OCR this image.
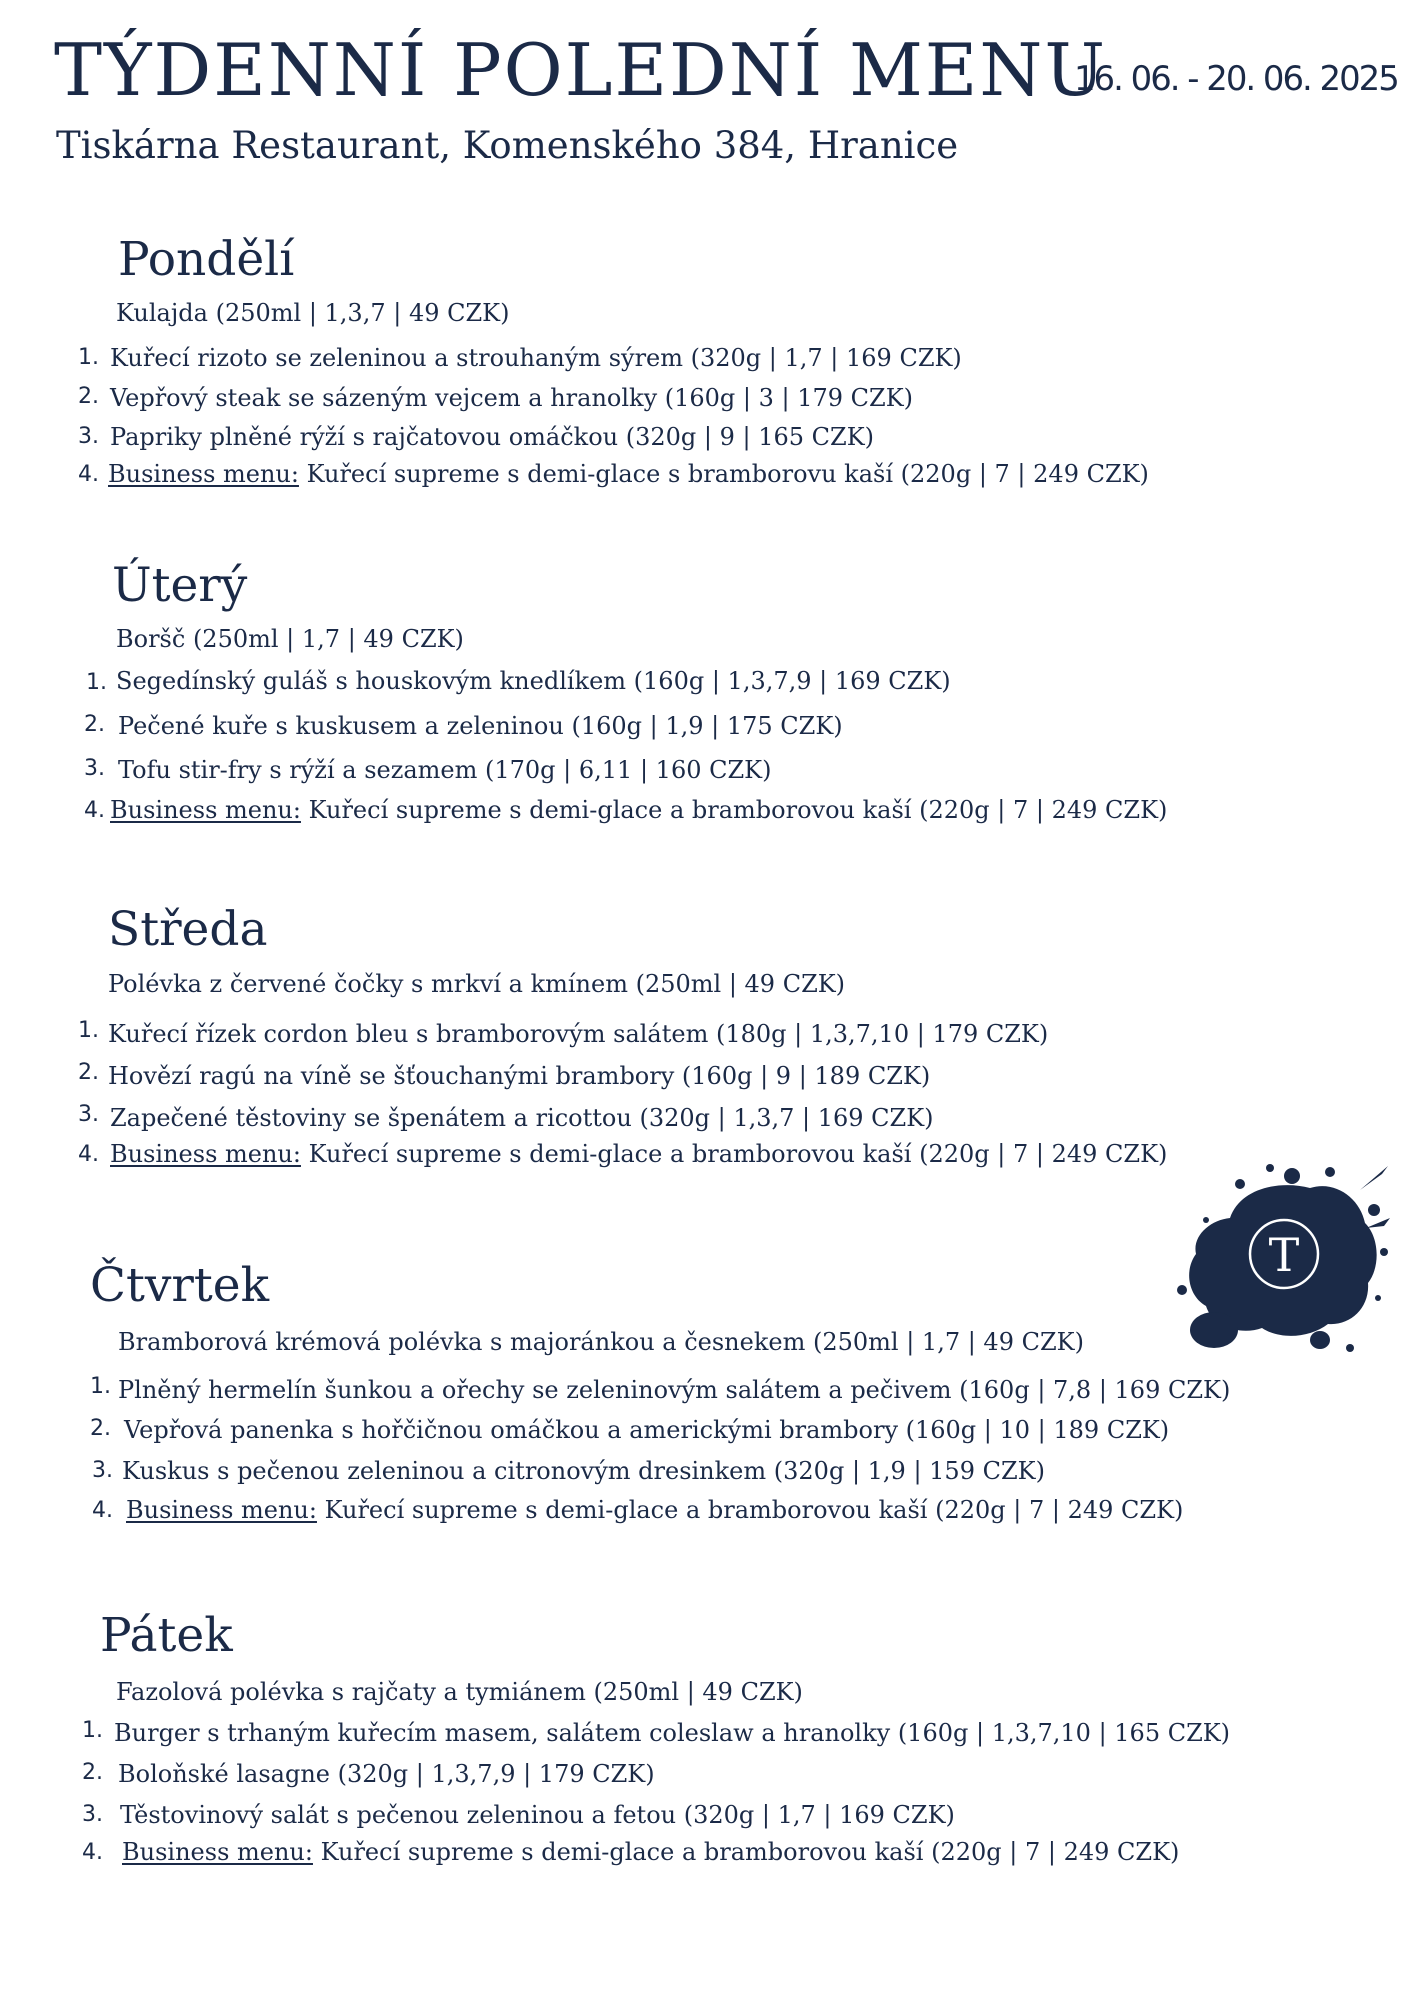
TÝDENNÍ POLEDNÍ MENU
16. 06. - 20. 06. 2025
Tiskárna Restaurant, Komenského 384, Hranice
Pondělí
Kulajda (250ml | 1,3,7 | 49 CZK)
1. Kuřecí rizoto se zeleninou a strouhaným sýrem (320g | 1,7 | 169 CZK)
2. Vepřový steak se sázeným vejcem a hranolky (160g | 3 | 179 CZK)
3. Papriky plněné rýží s rajčatovou omáčkou (320g | 9 | 165 CZK)
4. Business menu: Kuřecí supreme s demi-glace s bramborovu kaší (220g | 7 | 249 CZK)
Úterý
Boršč (250ml | 1,7 | 49 CZK)
1. Segedínský guláš s houskovým knedlíkem (160g | 1,3,7,9 | 169 CZK)
2. Pečené kuře s kuskusem a zeleninou (160g | 1,9 | 175 CZK)
3. Tofu stir-fry s rýží a sezamem (170g | 6,11 | 160 CZK)
4. Business menu: Kuřecí supreme s demi-glace a bramborovou kaší (220g | 7 | 249 CZK)
Středa
Polévka z červené čočky s mrkví a kmínem (250ml | 49 CZK)
1. Kuřecí řízek cordon bleu s bramborovým salátem (180g | 1,3,7,10 | 179 CZK)
2. Hovězí ragú na víně se šťouchanými brambory (160g | 9 | 189 CZK)
3. Zapečené těstoviny se špenátem a ricottou (320g | 1,3,7 | 169 CZK)
4. Business menu: Kuřecí supreme s demi-glace a bramborovou kaší (220g | 7 | 249 CZK)
T
Čtvrtek
Bramborová krémová polévka s majoránkou a česnekem (250ml | 1,7 | 49 CZK)
1. Plněný hermelín šunkou a ořechy se zeleninovým salátem a pečivem (160g | 7,8 | 169 CZK)
2. Vepřová panenka s hořčičnou omáčkou a americkými brambory (160g | 10 | 189 CZK)
3. Kuskus s pečenou zeleninou a citronovým dresinkem (320g | 1,9 | 159 CZK)
4. Business menu: Kuřecí supreme s demi-glace a bramborovou kaší (220g | 7 | 249 CZK)
Pátek
Fazolová polévka s rajčaty a tymiánem (250ml | 49 CZK)
1. Burger s trhaným kuřecím masem, salátem coleslaw a hranolky (160g | 1,3,7,10 | 165 CZK)
2. Boloňské lasagne (320g | 1,3,7,9 | 179 CZK)
3. Těstovinový salát s pečenou zeleninou a fetou (320g | 1,7 | 169 CZK)
4. Business menu: Kuřecí supreme s demi-glace a bramborovou kaší (220g | 7 | 249 CZK)
